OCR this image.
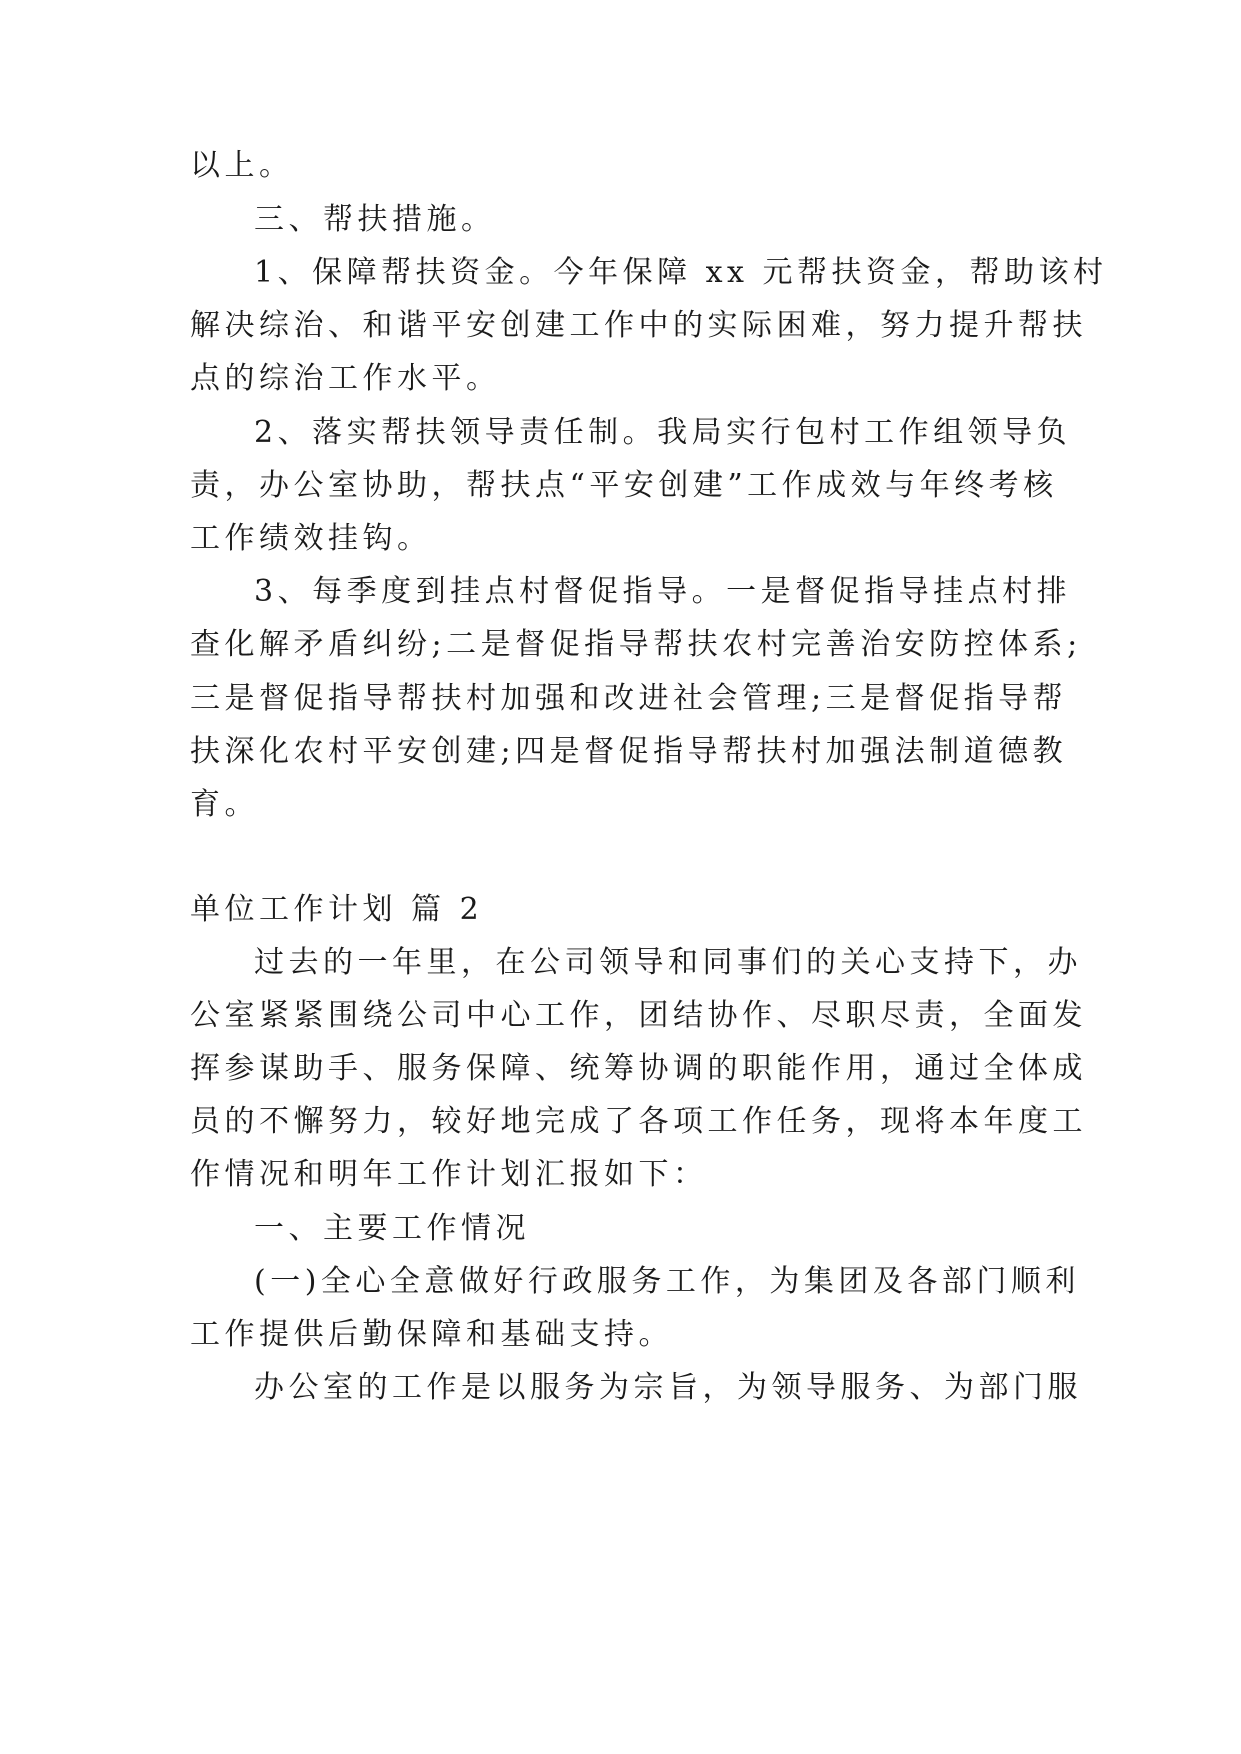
以上。
三、帮扶措施。
1、保障帮扶资金。今年保障 xx 元帮扶资金，帮助该村
解决综治、和谐平安创建工作中的实际困难，努力提升帮扶
点的综治工作水平。
2、落实帮扶领导责任制。我局实行包村工作组领导负
责，办公室协助，帮扶点“平安创建”工作成效与年终考核
工作绩效挂钩。
3、每季度到挂点村督促指导。一是督促指导挂点村排
查化解矛盾纠纷;二是督促指导帮扶农村完善治安防控体系;
三是督促指导帮扶村加强和改进社会管理;三是督促指导帮
扶深化农村平安创建;四是督促指导帮扶村加强法制道德教
育。
单位工作计划 篇 2
过去的一年里，在公司领导和同事们的关心支持下，办
公室紧紧围绕公司中心工作，团结协作、尽职尽责，全面发
挥参谋助手、服务保障、统筹协调的职能作用，通过全体成
员的不懈努力，较好地完成了各项工作任务，现将本年度工
作情况和明年工作计划汇报如下：
一、主要工作情况
(一)全心全意做好行政服务工作，为集团及各部门顺利
工作提供后勤保障和基础支持。
办公室的工作是以服务为宗旨，为领导服务、为部门服
